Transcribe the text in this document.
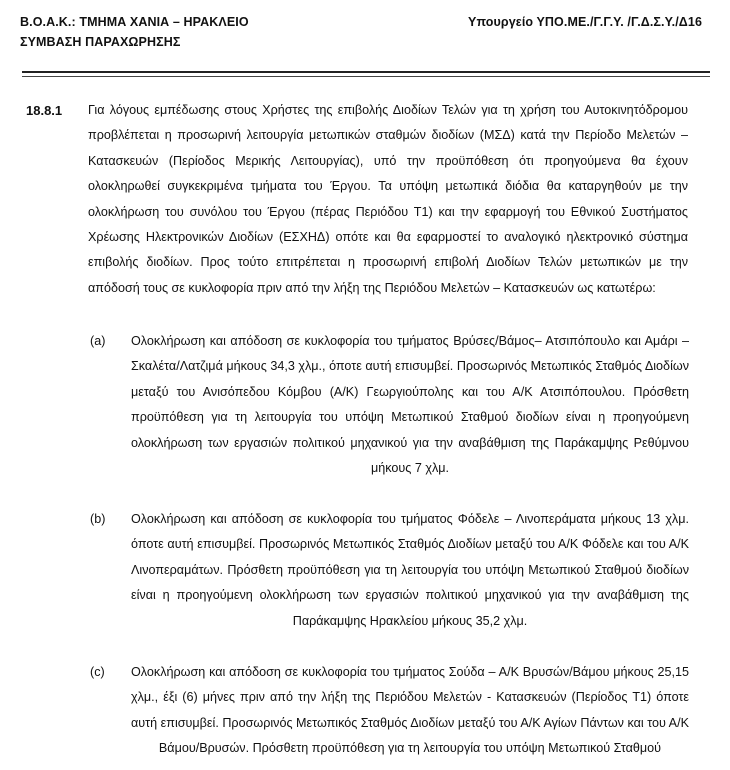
Β.Ο.Α.Κ.: ΤΜΗΜΑ ΧΑΝΙΑ – ΗΡΑΚΛΕΙΟ
ΣΥΜΒΑΣΗ ΠΑΡΑΧΩΡΗΣΗΣ
Υπουργείο ΥΠΟ.ΜΕ./Γ.Γ.Υ. /Γ.Δ.Σ.Υ./Δ16
18.8.1 Για λόγους εμπέδωσης στους Χρήστες της επιβολής Διοδίων Τελών για τη χρήση του Αυτοκινητόδρομου προβλέπεται η προσωρινή λειτουργία μετωπικών σταθμών διοδίων (ΜΣΔ) κατά την Περίοδο Μελετών – Κατασκευών (Περίοδος Μερικής Λειτουργίας), υπό την προϋπόθεση ότι προηγούμενα θα έχουν ολοκληρωθεί συγκεκριμένα τμήματα του Έργου. Τα υπόψη μετωπικά διόδια θα καταργηθούν με την ολοκλήρωση του συνόλου του Έργου (πέρας Περιόδου Τ1) και την εφαρμογή του Εθνικού Συστήματος Χρέωσης Ηλεκτρονικών Διοδίων (ΕΣΧΗΔ) οπότε και θα εφαρμοστεί το αναλογικό ηλεκτρονικό σύστημα επιβολής διοδίων. Προς τούτο επιτρέπεται η προσωρινή επιβολή Διοδίων Τελών μετωπικών με την απόδοσή τους σε κυκλοφορία πριν από την λήξη της Περιόδου Μελετών – Κατασκευών ως κατωτέρω:
(a) Ολοκλήρωση και απόδοση σε κυκλοφορία του τμήματος Βρύσες/Βάμος– Ατσιπόπουλο και Αμάρι – Σκαλέτα/Λατζιμά μήκους 34,3 χλμ., όποτε αυτή επισυμβεί. Προσωρινός Μετωπικός Σταθμός Διοδίων μεταξύ του Ανισόπεδου Κόμβου (Α/Κ) Γεωργιούπολης και του Α/Κ Ατσιπόπουλου. Πρόσθετη προϋπόθεση για τη λειτουργία του υπόψη Μετωπικού Σταθμού διοδίων είναι η προηγούμενη ολοκλήρωση των εργασιών πολιτικού μηχανικού για την αναβάθμιση της Παράκαμψης Ρεθύμνου μήκους 7 χλμ.
(b) Ολοκλήρωση και απόδοση σε κυκλοφορία του τμήματος Φόδελε – Λινοπεράματα μήκους 13 χλμ. όποτε αυτή επισυμβεί. Προσωρινός Μετωπικός Σταθμός Διοδίων μεταξύ του Α/Κ Φόδελε και του Α/Κ Λινοπεραμάτων. Πρόσθετη προϋπόθεση για τη λειτουργία του υπόψη Μετωπικού Σταθμού διοδίων είναι η προηγούμενη ολοκλήρωση των εργασιών πολιτικού μηχανικού για την αναβάθμιση της Παράκαμψης Ηρακλείου μήκους 35,2 χλμ.
(c) Ολοκλήρωση και απόδοση σε κυκλοφορία του τμήματος Σούδα – Α/Κ Βρυσών/Βάμου μήκους 25,15 χλμ., έξι (6) μήνες πριν από την λήξη της Περιόδου Μελετών - Κατασκευών (Περίοδος Τ1) όποτε αυτή επισυμβεί. Προσωρινός Μετωπικός Σταθμός Διοδίων μεταξύ του Α/Κ Αγίων Πάντων και του Α/Κ Βάμου/Βρυσών. Πρόσθετη προϋπόθεση για τη λειτουργία του υπόψη Μετωπικού Σταθμού
